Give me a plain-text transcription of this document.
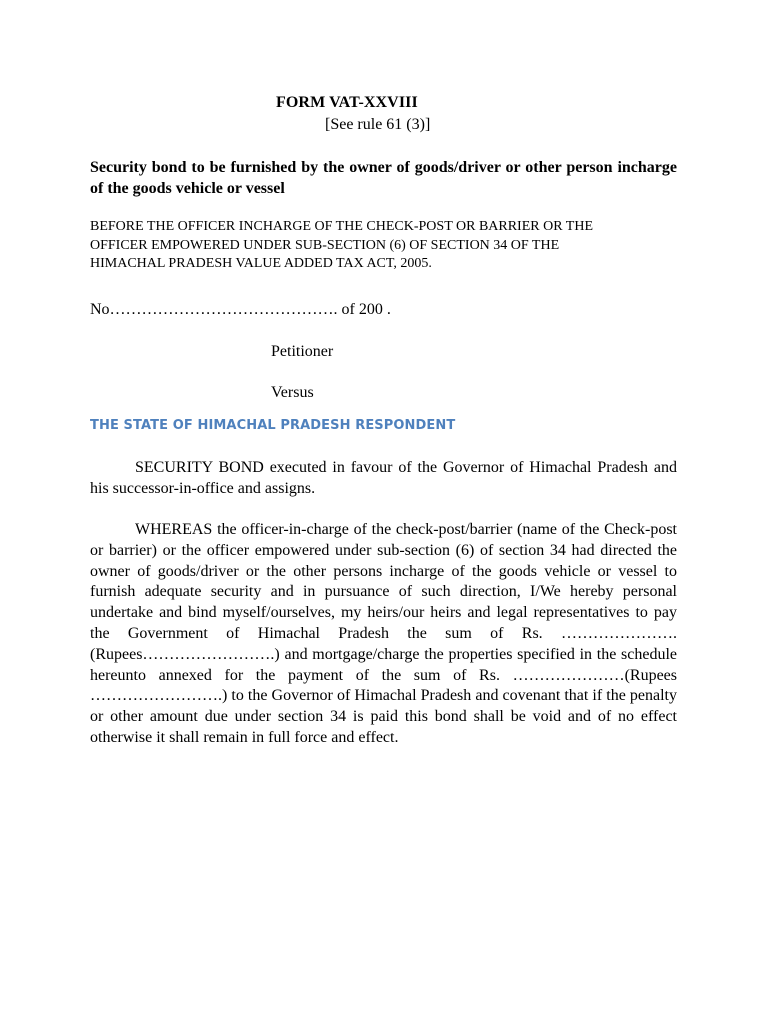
FORM VAT-XXVIII
[See rule 61 (3)]
Security bond to be furnished by the owner of goods/driver or other person incharge of the goods vehicle or vessel
BEFORE THE OFFICER INCHARGE OF THE CHECK-POST OR BARRIER OR THE OFFICER EMPOWERED UNDER SUB-SECTION (6) OF SECTION 34 OF THE HIMACHAL PRADESH VALUE ADDED TAX ACT, 2005.
No……………………………………. of 200 .
Petitioner
Versus
THE STATE OF HIMACHAL PRADESH RESPONDENT
SECURITY BOND executed in favour of the Governor of Himachal Pradesh and his successor-in-office and assigns.
WHEREAS the officer-in-charge of the check-post/barrier (name of the Check-post or barrier) or the officer empowered under sub-section (6) of section 34 had directed the owner of goods/driver or the other persons incharge of the goods vehicle or vessel to furnish adequate security and in pursuance of such direction, I/We hereby personal undertake and bind myself/ourselves, my heirs/our heirs and legal representatives to pay the Government of Himachal Pradesh the sum of Rs. …………………. (Rupees…………………….) and mortgage/charge the properties specified in the schedule hereunto annexed for the payment of the sum of Rs. …………………(Rupees …………………….) to the Governor of Himachal Pradesh and covenant that if the penalty or other amount due under section 34 is paid this bond shall be void and of no effect otherwise it shall remain in full force and effect.
